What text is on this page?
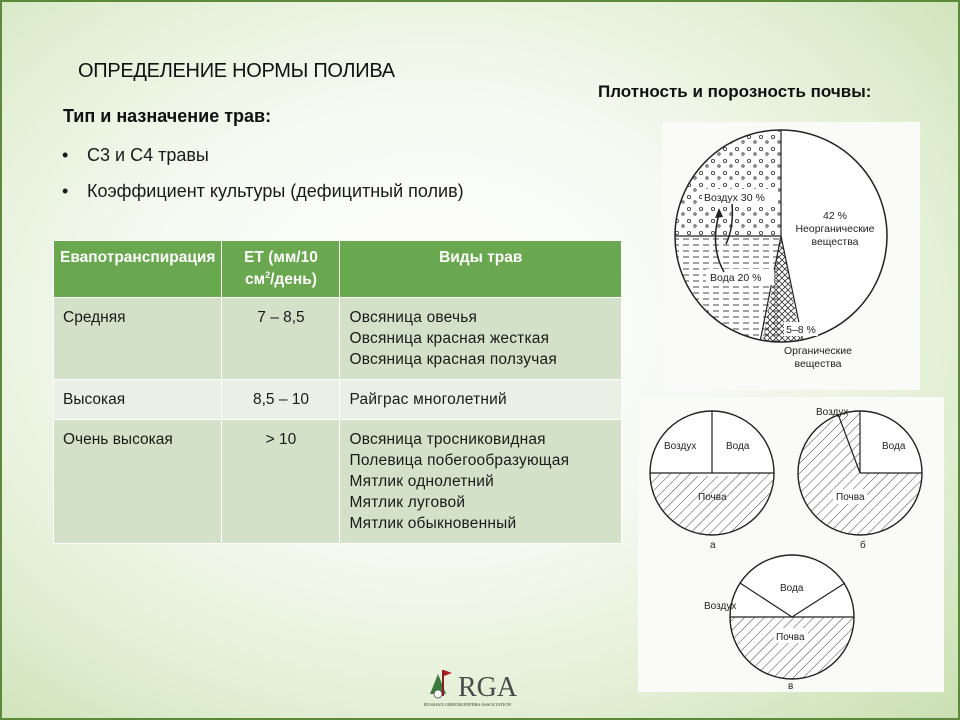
ОПРЕДЕЛЕНИЕ НОРМЫ ПОЛИВА
Плотность и порозность почвы:
Тип и назначение трав:
• С3 и С4 травы
• Коэффициент культуры (дефицитный полив)
Евапотранспирация	ET (мм/10 $см^2/день$)	Виды трав
Средняя	7 – 8,5	Овсяница овечья
Овсяница красная жесткая
Овсяница красная ползучая

Высокая	8,5 – 10	Райграс многолетний

Очень высокая	> 10	Овсяница тросниковидная
Полевица побегообразующая
Мятлик однолетний
Мятлик луговой
Мятлик обыкновенный
Воздух 30 %
Вода 20 %
42 %
Неорганические
вещества
5–8 %
Органические
вещества
Воздух	Вода
Почва
а
Воздух
Вода
Почва
б
Вода
Воздух
Почва
в
RGA
RUSSIAN GREENKEEPERS ASSOCIATION
